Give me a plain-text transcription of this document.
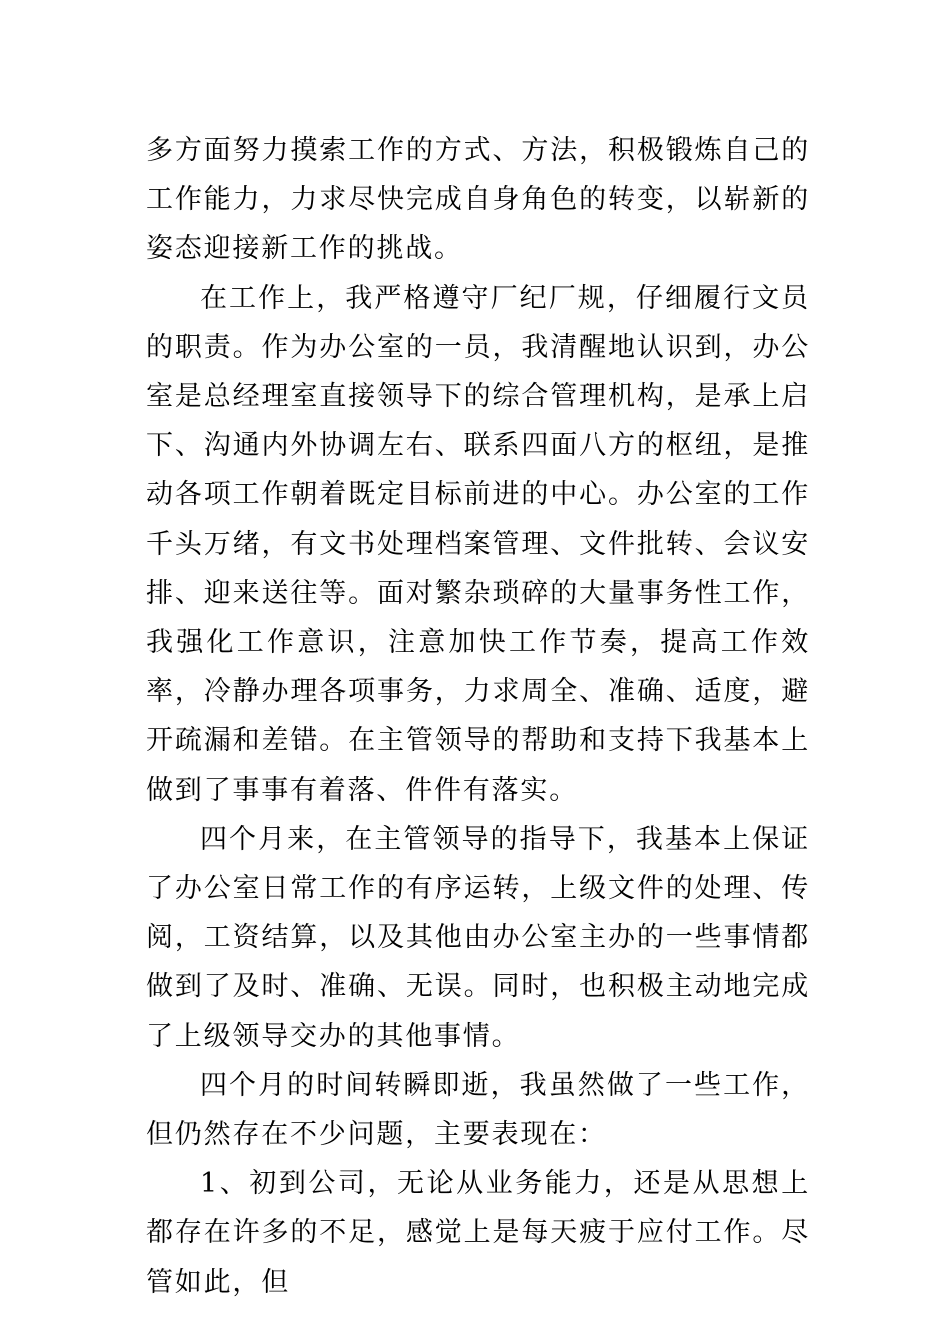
多方面努力摸索工作的方式、方法，积极锻炼自己的工作能力，力求尽快完成自身角色的转变，以崭新的姿态迎接新工作的挑战。

在工作上，我严格遵守厂纪厂规，仔细履行文员的职责。作为办公室的一员，我清醒地认识到，办公室是总经理室直接领导下的综合管理机构，是承上启下、沟通内外协调左右、联系四面八方的枢纽，是推动各项工作朝着既定目标前进的中心。办公室的工作千头万绪，有文书处理档案管理、文件批转、会议安排、迎来送往等。面对繁杂琐碎的大量事务性工作，我强化工作意识，注意加快工作节奏，提高工作效率，冷静办理各项事务，力求周全、准确、适度，避开疏漏和差错。在主管领导的帮助和支持下我基本上做到了事事有着落、件件有落实。

四个月来，在主管领导的指导下，我基本上保证了办公室日常工作的有序运转，上级文件的处理、传阅，工资结算，以及其他由办公室主办的一些事情都做到了及时、准确、无误。同时，也积极主动地完成了上级领导交办的其他事情。

四个月的时间转瞬即逝，我虽然做了一些工作，但仍然存在不少问题，主要表现在：

1、初到公司，无论从业务能力，还是从思想上都存在许多的不足，感觉上是每天疲于应付工作。尽管如此，但
